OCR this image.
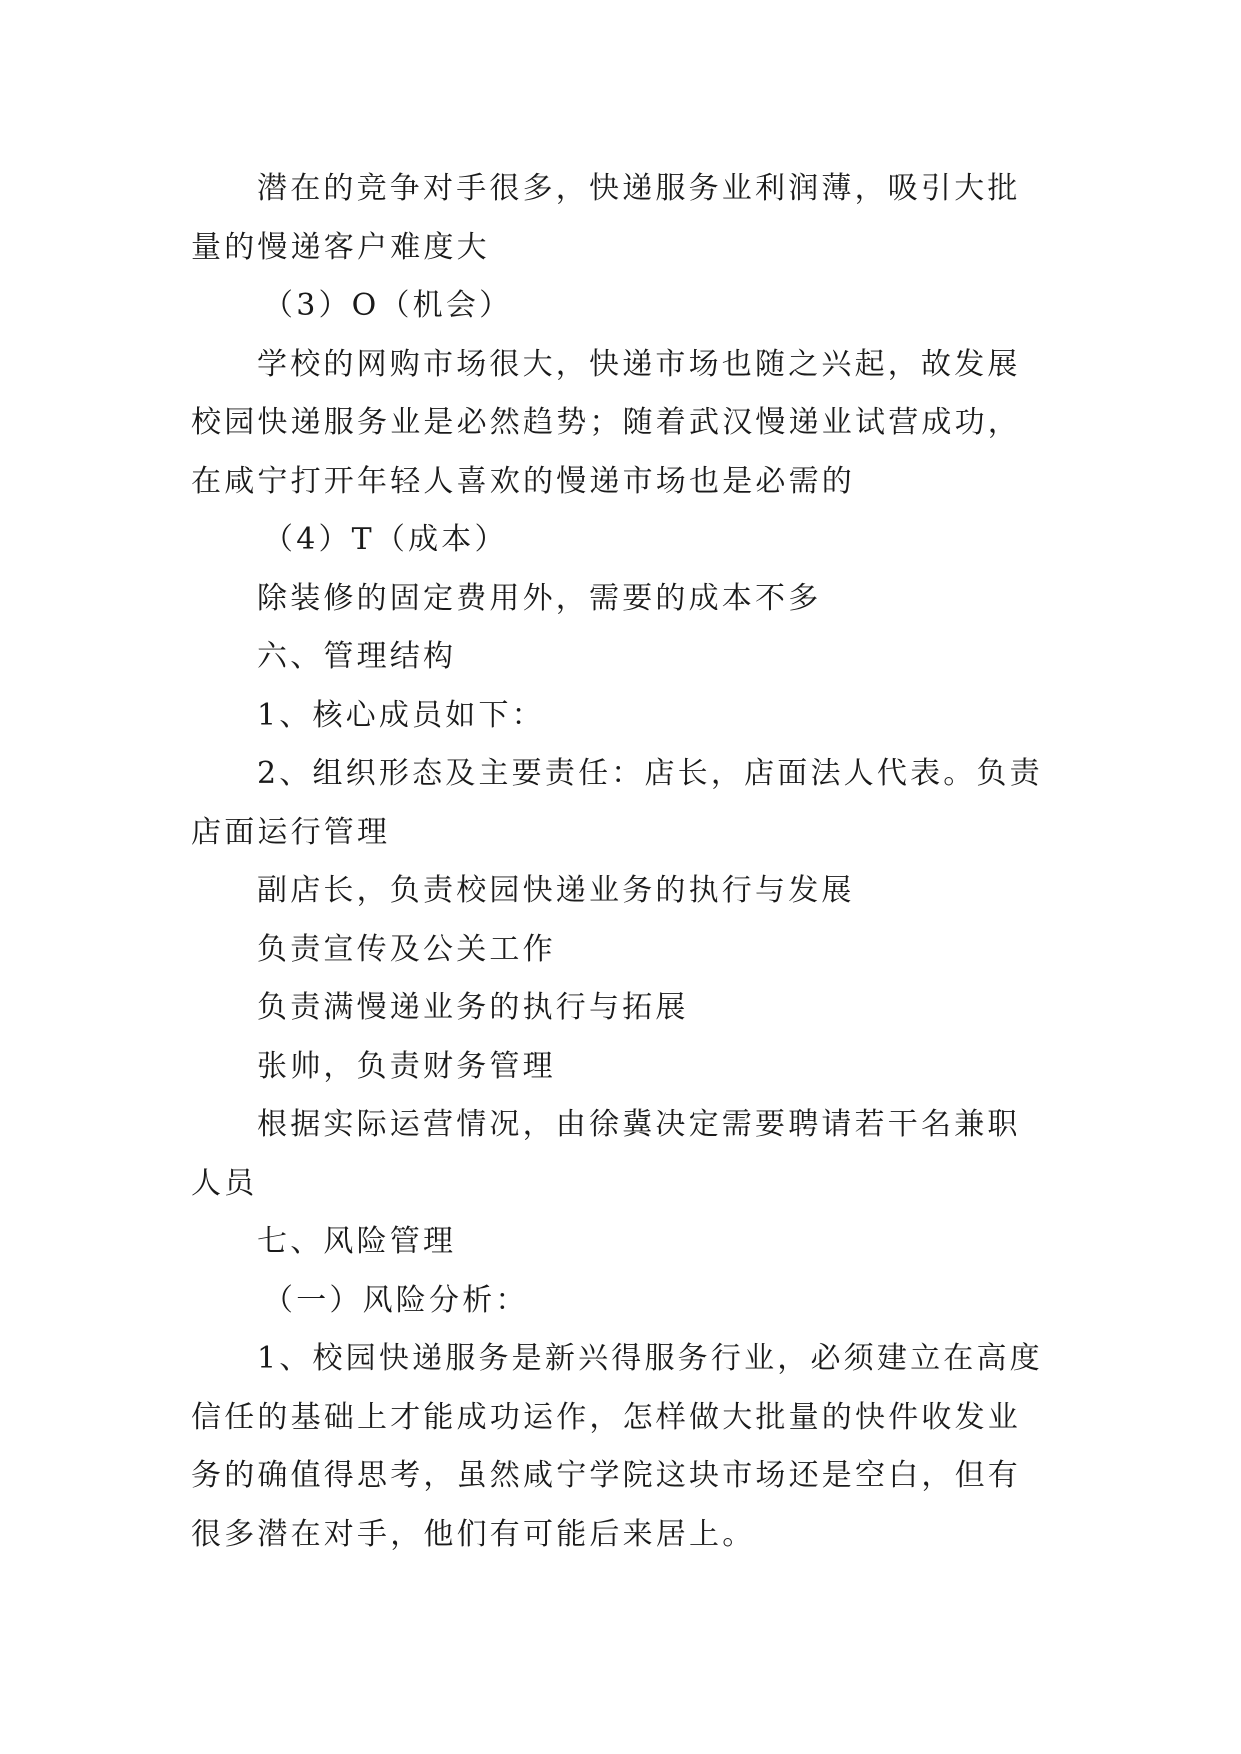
潜在的竞争对手很多，快递服务业利润薄，吸引大批量的慢递客户难度大

（3）O（机会）

学校的网购市场很大，快递市场也随之兴起，故发展校园快递服务业是必然趋势；随着武汉慢递业试营成功，在咸宁打开年轻人喜欢的慢递市场也是必需的

（4）T（成本）

除装修的固定费用外，需要的成本不多

六、管理结构

1、核心成员如下：

2、组织形态及主要责任：店长，店面法人代表。负责店面运行管理

副店长，负责校园快递业务的执行与发展

负责宣传及公关工作

负责满慢递业务的执行与拓展

张帅，负责财务管理

根据实际运营情况，由徐冀决定需要聘请若干名兼职人员

七、风险管理

（一）风险分析：

1、校园快递服务是新兴得服务行业，必须建立在高度信任的基础上才能成功运作，怎样做大批量的快件收发业务的确值得思考，虽然咸宁学院这块市场还是空白，但有很多潜在对手，他们有可能后来居上。
